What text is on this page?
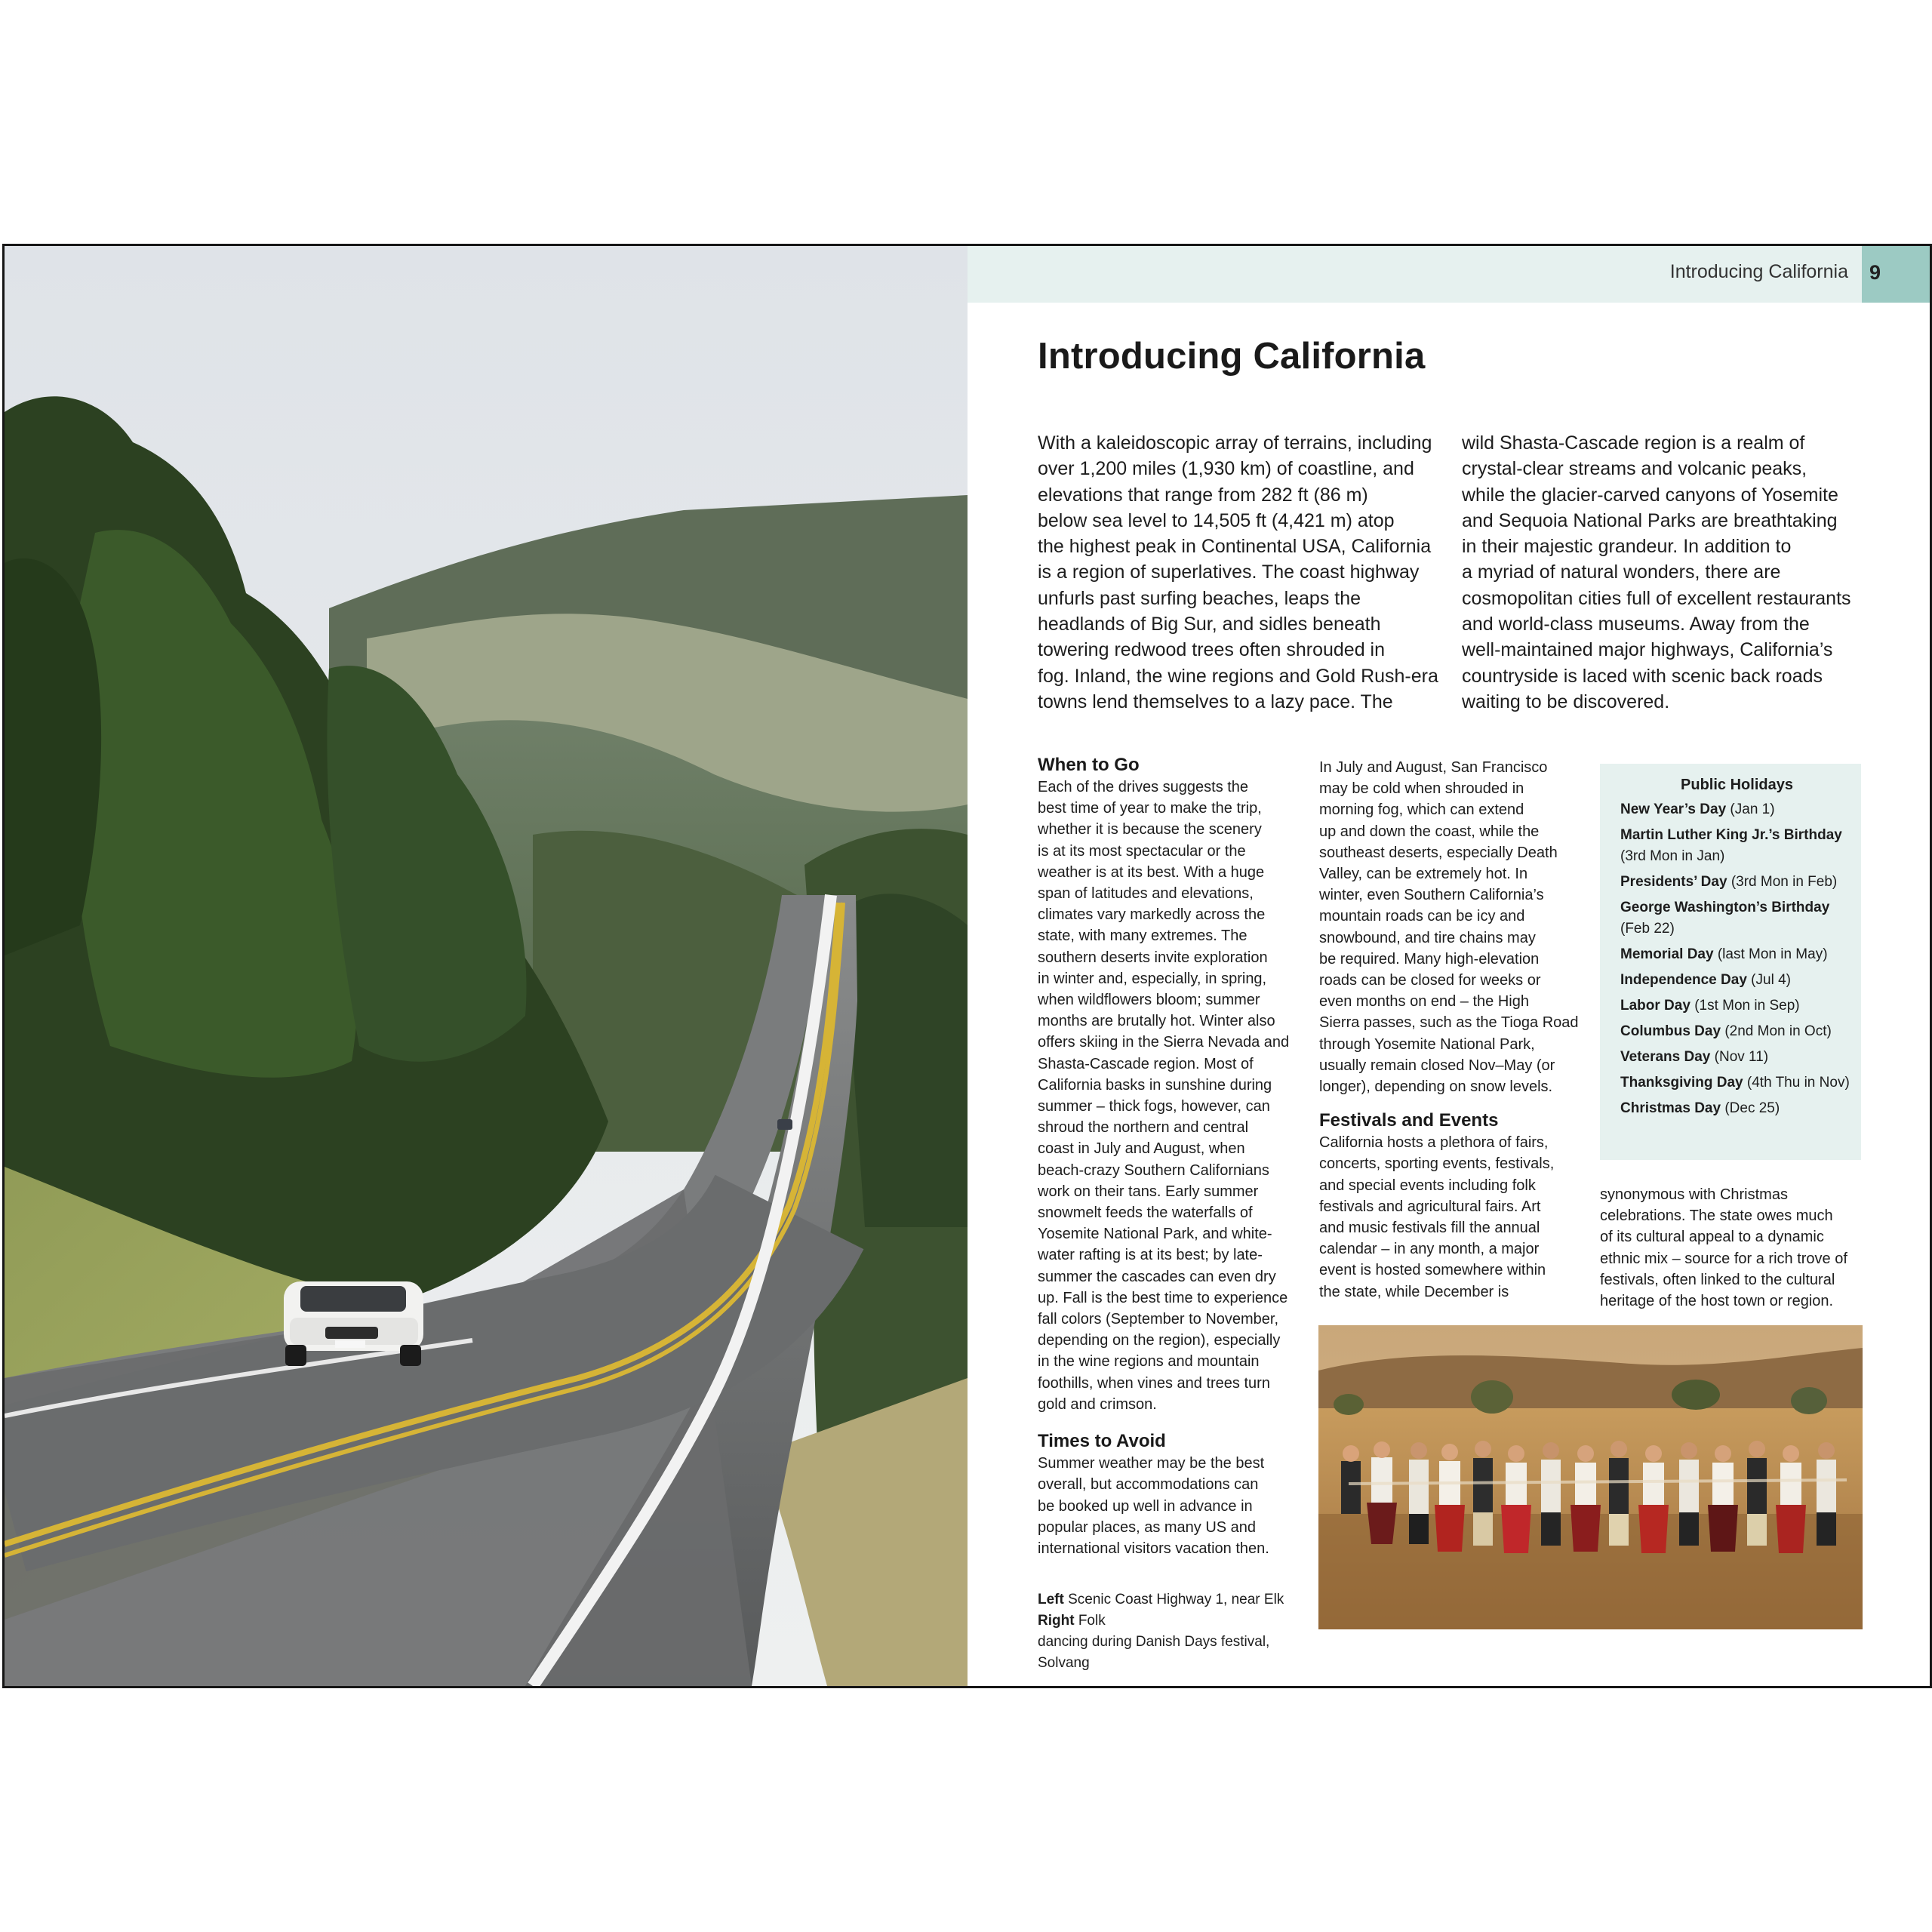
Introducing California	9
Introducing California
With a kaleidoscopic array of terrains, including
over 1,200 miles (1,930 km) of coastline, and
elevations that range from 282 ft (86 m)
below sea level to 14,505 ft (4,421 m) atop
the highest peak in Continental USA, California
is a region of superlatives. The coast highway
unfurls past surfing beaches, leaps the
headlands of Big Sur, and sidles beneath
towering redwood trees often shrouded in
fog. Inland, the wine regions and Gold Rush-era
towns lend themselves to a lazy pace. The
wild Shasta-Cascade region is a realm of
crystal-clear streams and volcanic peaks,
while the glacier-carved canyons of Yosemite
and Sequoia National Parks are breathtaking
in their majestic grandeur. In addition to
a myriad of natural wonders, there are
cosmopolitan cities full of excellent restaurants
and world-class museums. Away from the
well-maintained major highways, California’s
countryside is laced with scenic back roads
waiting to be discovered.
When to Go
Each of the drives suggests the
best time of year to make the trip,
whether it is because the scenery
is at its most spectacular or the
weather is at its best. With a huge
span of latitudes and elevations,
climates vary markedly across the
state, with many extremes. The
southern deserts invite exploration
in winter and, especially, in spring,
when wildflowers bloom; summer
months are brutally hot. Winter also
offers skiing in the Sierra Nevada and
Shasta-Cascade region. Most of
California basks in sunshine during
summer – thick fogs, however, can
shroud the northern and central
coast in July and August, when
beach-crazy Southern Californians
work on their tans. Early summer
snowmelt feeds the waterfalls of
Yosemite National Park, and white-
water rafting is at its best; by late-
summer the cascades can even dry
up. Fall is the best time to experience
fall colors (September to November,
depending on the region), especially
in the wine regions and mountain
foothills, when vines and trees turn
gold and crimson.
Times to Avoid
Summer weather may be the best
overall, but accommodations can
be booked up well in advance in
popular places, as many US and
international visitors vacation then.
In July and August, San Francisco
may be cold when shrouded in
morning fog, which can extend
up and down the coast, while the
southeast deserts, especially Death
Valley, can be extremely hot. In
winter, even Southern California’s
mountain roads can be icy and
snowbound, and tire chains may
be required. Many high-elevation
roads can be closed for weeks or
even months on end – the High
Sierra passes, such as the Tioga Road
through Yosemite National Park,
usually remain closed Nov–May (or
longer), depending on snow levels.
Festivals and Events
California hosts a plethora of fairs,
concerts, sporting events, festivals,
and special events including folk
festivals and agricultural fairs. Art
and music festivals fill the annual
calendar – in any month, a major
event is hosted somewhere within
the state, while December is
Public Holidays
New Year’s Day (Jan 1)
Martin Luther King Jr.’s Birthday (3rd Mon in Jan)
Presidents’ Day (3rd Mon in Feb)
George Washington’s Birthday (Feb 22)
Memorial Day (last Mon in May)
Independence Day (Jul 4)
Labor Day (1st Mon in Sep)
Columbus Day (2nd Mon in Oct)
Veterans Day (Nov 11)
Thanksgiving Day (4th Thu in Nov)
Christmas Day (Dec 25)
synonymous with Christmas
celebrations. The state owes much
of its cultural appeal to a dynamic
ethnic mix – source for a rich trove of
festivals, often linked to the cultural
heritage of the host town or region.
Left Scenic Coast Highway 1, near Elk Right Folk
dancing during Danish Days festival, Solvang
